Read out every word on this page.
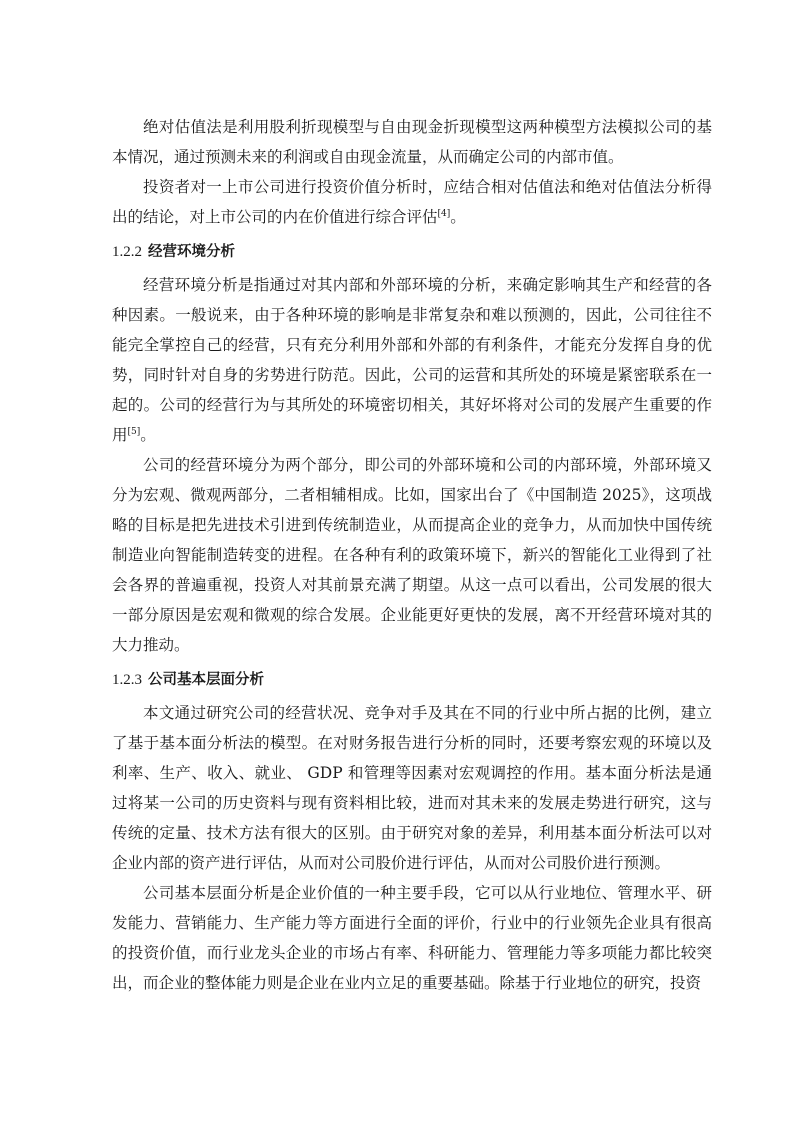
绝对估值法是利用股利折现模型与自由现金折现模型这两种模型方法模拟公司的基本情况，通过预测未来的利润或自由现金流量，从而确定公司的内部市值。

投资者对一上市公司进行投资价值分析时，应结合相对估值法和绝对估值法分析得出的结论，对上市公司的内在价值进行综合评估[4]。

1.2.2 经营环境分析

经营环境分析是指通过对其内部和外部环境的分析，来确定影响其生产和经营的各种因素。一般说来，由于各种环境的影响是非常复杂和难以预测的，因此，公司往往不能完全掌控自己的经营，只有充分利用外部和外部的有利条件，才能充分发挥自身的优势，同时针对自身的劣势进行防范。因此，公司的运营和其所处的环境是紧密联系在一起的。公司的经营行为与其所处的环境密切相关，其好坏将对公司的发展产生重要的作用[5]。

公司的经营环境分为两个部分，即公司的外部环境和公司的内部环境，外部环境又分为宏观、微观两部分，二者相辅相成。比如，国家出台了《中国制造 2025》，这项战略的目标是把先进技术引进到传统制造业，从而提高企业的竞争力，从而加快中国传统制造业向智能制造转变的进程。在各种有利的政策环境下，新兴的智能化工业得到了社会各界的普遍重视，投资人对其前景充满了期望。从这一点可以看出，公司发展的很大一部分原因是宏观和微观的综合发展。企业能更好更快的发展，离不开经营环境对其的大力推动。

1.2.3 公司基本层面分析

本文通过研究公司的经营状况、竞争对手及其在不同的行业中所占据的比例，建立了基于基本面分析法的模型。在对财务报告进行分析的同时，还要考察宏观的环境以及利率、生产、收入、就业、 GDP 和管理等因素对宏观调控的作用。基本面分析法是通过将某一公司的历史资料与现有资料相比较，进而对其未来的发展走势进行研究，这与传统的定量、技术方法有很大的区别。由于研究对象的差异，利用基本面分析法可以对企业内部的资产进行评估，从而对公司股价进行评估，从而对公司股价进行预测。

公司基本层面分析是企业价值的一种主要手段，它可以从行业地位、管理水平、研发能力、营销能力、生产能力等方面进行全面的评价，行业中的行业领先企业具有很高的投资价值，而行业龙头企业的市场占有率、科研能力、管理能力等多项能力都比较突出，而企业的整体能力则是企业在业内立足的重要基础。除基于行业地位的研究，投资
